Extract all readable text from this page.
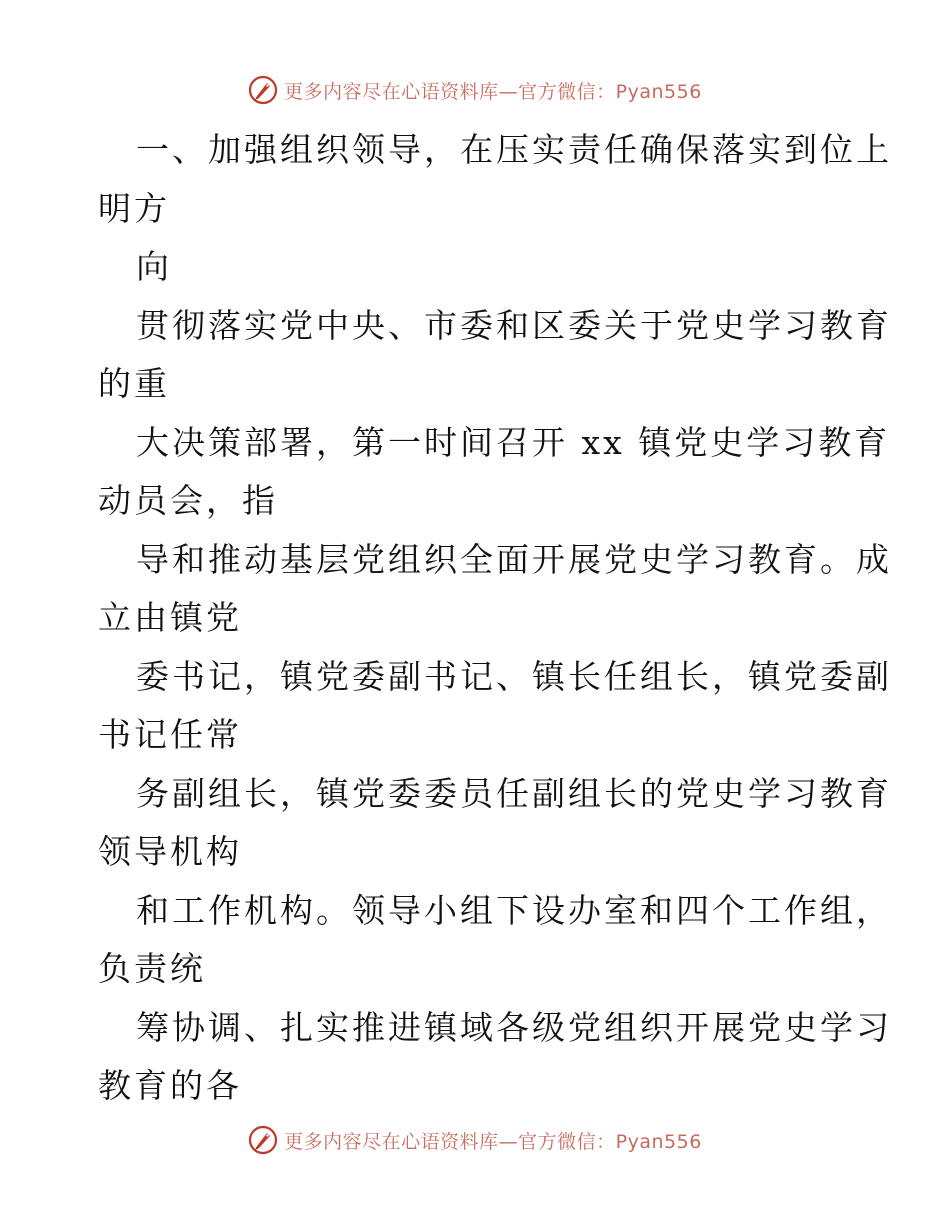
更多内容尽在心语资料库—官方微信：Pyan556
一、加强组织领导，在压实责任确保落实到位上
明方
向
贯彻落实党中央、市委和区委关于党史学习教育
的重
大决策部署，第一时间召开 xx 镇党史学习教育
动员会，指
导和推动基层党组织全面开展党史学习教育。成
立由镇党
委书记，镇党委副书记、镇长任组长，镇党委副
书记任常
务副组长，镇党委委员任副组长的党史学习教育
领导机构
和工作机构。领导小组下设办室和四个工作组，
负责统
筹协调、扎实推进镇域各级党组织开展党史学习
教育的各
更多内容尽在心语资料库—官方微信：Pyan556
